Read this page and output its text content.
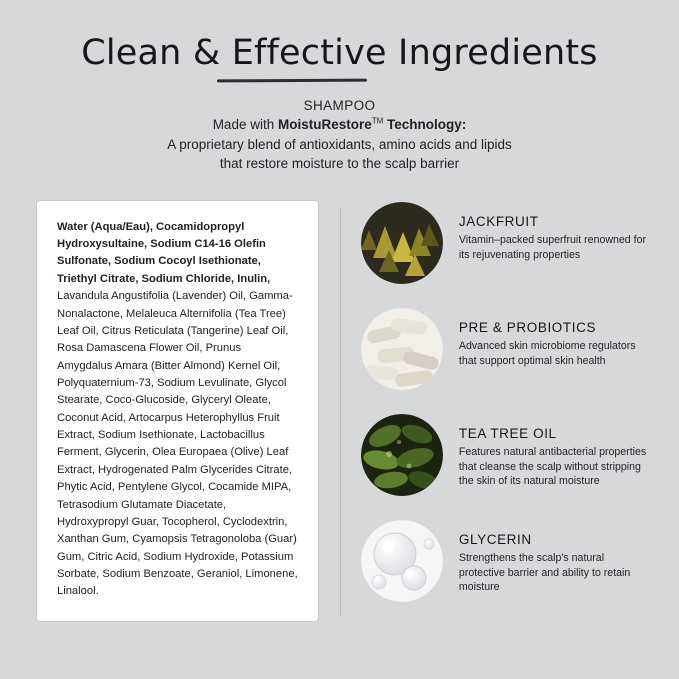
Clean & Effective Ingredients
SHAMPOO
Made with MoistuRestore™ Technology:
A proprietary blend of antioxidants, amino acids and lipids
that restore moisture to the scalp barrier
Water (Aqua/Eau), Cocamidopropyl Hydroxysultaine, Sodium C14-16 Olefin Sulfonate, Sodium Cocoyl Isethionate, Triethyl Citrate, Sodium Chloride, Inulin, Lavandula Angustifolia (Lavender) Oil, Gamma-Nonalactone, Melaleuca Alternifolia (Tea Tree) Leaf Oil, Citrus Reticulata (Tangerine) Leaf Oil, Rosa Damascena Flower Oil, Prunus Amygdalus Amara (Bitter Almond) Kernel Oil, Polyquaternium-73, Sodium Levulinate, Glycol Stearate, Coco-Glucoside, Glyceryl Oleate, Coconut Acid, Artocarpus Heterophyllus Fruit Extract, Sodium Isethionate, Lactobacillus Ferment, Glycerin, Olea Europaea (Olive) Leaf Extract, Hydrogenated Palm Glycerides Citrate, Phytic Acid, Pentylene Glycol, Cocamide MIPA, Tetrasodium Glutamate Diacetate, Hydroxypropyl Guar, Tocopherol, Cyclodextrin, Xanthan Gum, Cyamopsis Tetragonoloba (Guar) Gum, Citric Acid, Sodium Hydroxide, Potassium Sorbate, Sodium Benzoate, Geraniol, Limonene, Linalool.
JACKFRUIT
Vitamin–packed superfruit renowned for its rejuvenating properties
PRE & PROBIOTICS
Advanced skin microbiome regulators that support optimal skin health
TEA TREE OIL
Features natural antibacterial properties that cleanse the scalp without stripping the skin of its natural moisture
GLYCERIN
Strengthens the scalp's natural protective barrier and ability to retain moisture
